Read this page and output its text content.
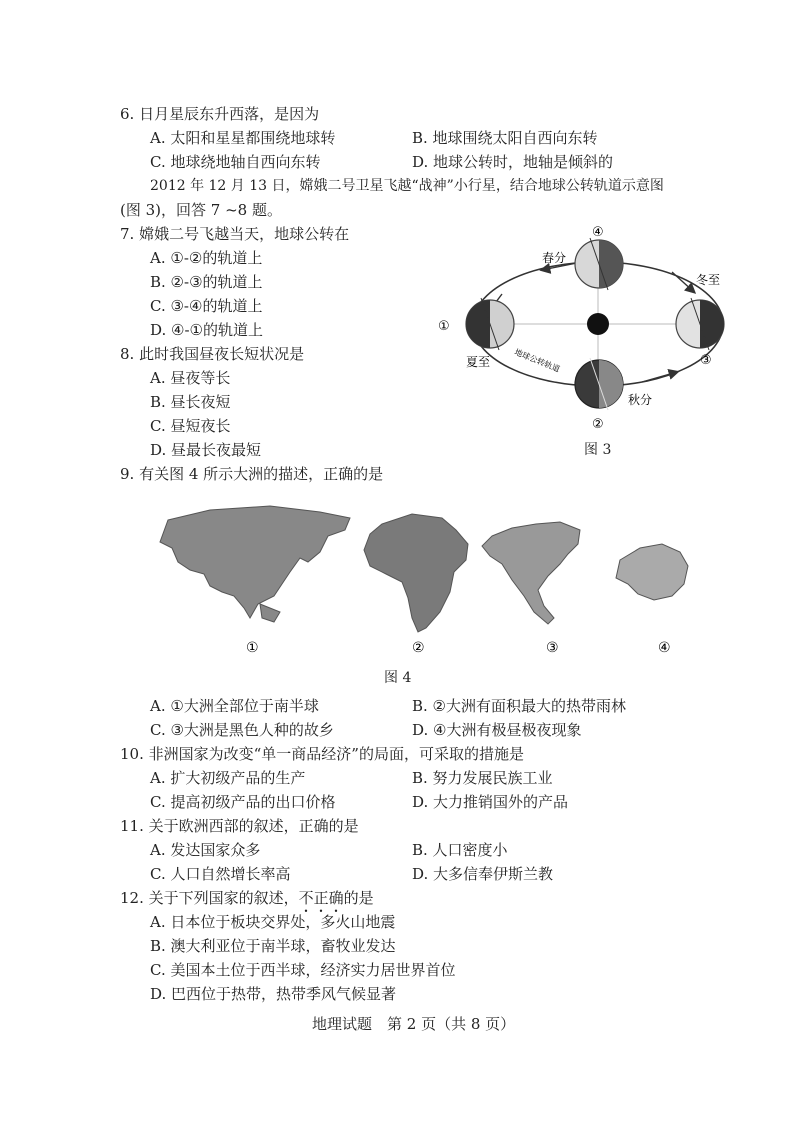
6. 日月星辰东升西落，是因为
A. 太阳和星星都围绕地球转	B. 地球围绕太阳自西向东转
C. 地球绕地轴自西向东转	D. 地球公转时，地轴是倾斜的
2012 年 12 月 13 日，嫦娥二号卫星飞越“战神”小行星，结合地球公转轨道示意图
(图 3)，回答 7 ~8 题。
7. 嫦娥二号飞越当天，地球公转在
A. ①-②的轨道上
B. ②-③的轨道上
C. ③-④的轨道上
D. ④-①的轨道上
8. 此时我国昼夜长短状况是
A. 昼夜等长
B. 昼长夜短
C. 昼短夜长
D. 昼最长夜最短
④
春分
冬至
①
夏至	③
秋分
②
地球公转轨道
图 3
9. 有关图 4 所示大洲的描述，正确的是
①	②	③	④
图 4
A. ①大洲全部位于南半球	B. ②大洲有面积最大的热带雨林
C. ③大洲是黑色人种的故乡	D. ④大洲有极昼极夜现象
10. 非洲国家为改变“单一商品经济”的局面，可采取的措施是
A. 扩大初级产品的生产	B. 努力发展民族工业
C. 提高初级产品的出口价格	D. 大力推销国外的产品
11. 关于欧洲西部的叙述，正确的是
A. 发达国家众多	B. 人口密度小
C. 人口自然增长率高	D. 大多信奉伊斯兰教
12. 关于下列国家的叙述，不正确的是
A. 日本位于板块交界处，多火山地震
B. 澳大利亚位于南半球，畜牧业发达
C. 美国本土位于西半球，经济实力居世界首位
D. 巴西位于热带，热带季风气候显著
地理试题　第 2 页（共 8 页）
